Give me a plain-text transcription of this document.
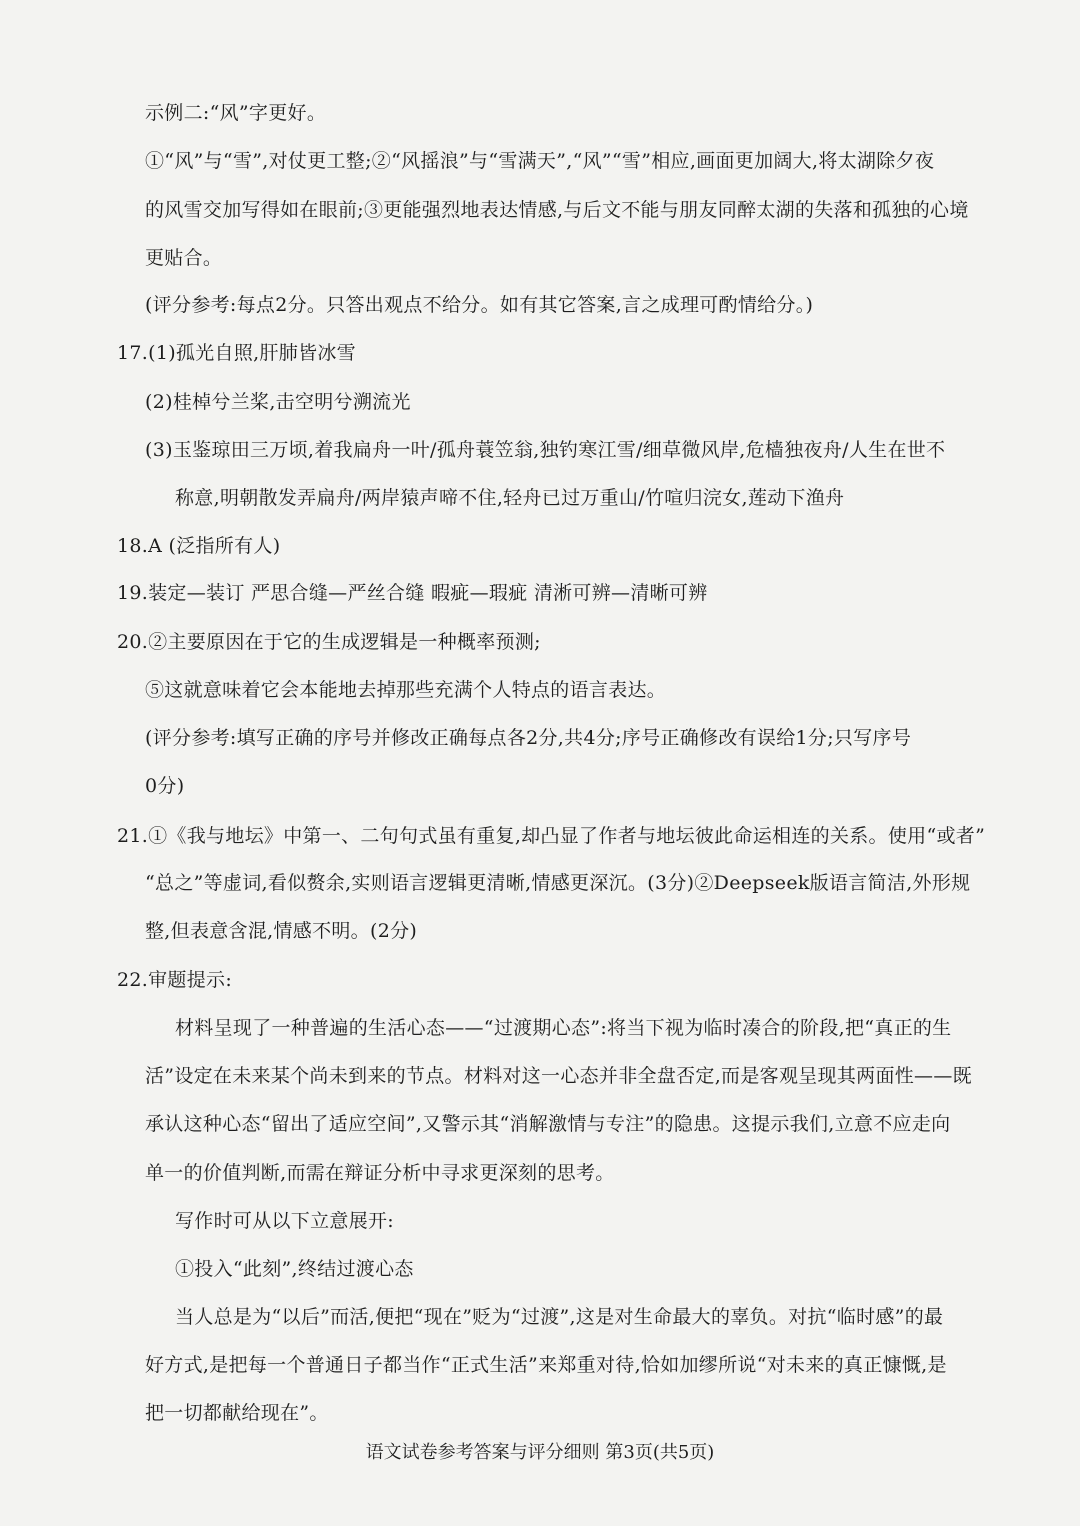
示例二:“风”字更好。
①“风”与“雪”,对仗更工整;②“风摇浪”与“雪满天”,“风”“雪”相应,画面更加阔大,将太湖除夕夜
的风雪交加写得如在眼前;③更能强烈地表达情感,与后文不能与朋友同醉太湖的失落和孤独的心境
更贴合。
(评分参考:每点2分。只答出观点不给分。如有其它答案,言之成理可酌情给分。)
17.(1)孤光自照,肝肺皆冰雪
(2)桂棹兮兰桨,击空明兮溯流光
(3)玉鉴琼田三万顷,着我扁舟一叶/孤舟蓑笠翁,独钓寒江雪/细草微风岸,危樯独夜舟/人生在世不
称意,明朝散发弄扁舟/两岸猿声啼不住,轻舟已过万重山/竹喧归浣女,莲动下渔舟
18.A (泛指所有人)
19.装定—装订 严思合缝—严丝合缝 暇疵—瑕疵 清淅可辨—清晰可辨
20.②主要原因在于它的生成逻辑是一种概率预测;
⑤这就意味着它会本能地去掉那些充满个人特点的语言表达。
(评分参考:填写正确的序号并修改正确每点各2分,共4分;序号正确修改有误给1分;只写序号
0分)
21.①《我与地坛》中第一、二句句式虽有重复,却凸显了作者与地坛彼此命运相连的关系。使用“或者”
“总之”等虚词,看似赘余,实则语言逻辑更清晰,情感更深沉。(3分)②Deepseek版语言简洁,外形规
整,但表意含混,情感不明。(2分)
22.审题提示:
材料呈现了一种普遍的生活心态——“过渡期心态”:将当下视为临时凑合的阶段,把“真正的生
活”设定在未来某个尚未到来的节点。材料对这一心态并非全盘否定,而是客观呈现其两面性——既
承认这种心态“留出了适应空间”,又警示其“消解激情与专注”的隐患。这提示我们,立意不应走向
单一的价值判断,而需在辩证分析中寻求更深刻的思考。
写作时可从以下立意展开:
①投入“此刻”,终结过渡心态
当人总是为“以后”而活,便把“现在”贬为“过渡”,这是对生命最大的辜负。对抗“临时感”的最
好方式,是把每一个普通日子都当作“正式生活”来郑重对待,恰如加缪所说“对未来的真正慷慨,是
把一切都献给现在”。
语文试卷参考答案与评分细则 第3页(共5页)
